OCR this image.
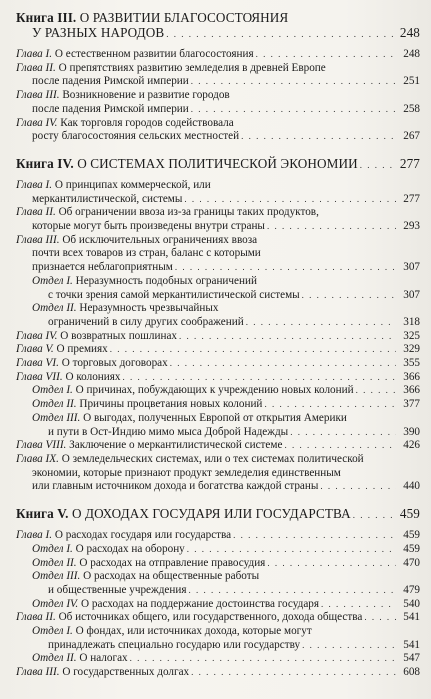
Книга III. О РАЗВИТИИ БЛАГОСОСТОЯНИЯ
У РАЗНЫХ НАРОДОВ . . .	248
Глава I. О естественном развитии благосостояния . . .	248
Глава II. О препятствиях развитию земледелия в древней Европе
после падения Римской империи . . .	251
Глава III. Возникновение и развитие городов
после падения Римской империи . . .	258
Глава IV. Как торговля городов содействовала
росту благосостояния сельских местностей . . .	267
Книга IV. О СИСТЕМАХ ПОЛИТИЧЕСКОЙ ЭКОНОМИИ . . .	277
Глава I. О принципах коммерческой, или
меркантилистической, системы . . .	277
Глава II. Об ограничении ввоза из-за границы таких продуктов,
которые могут быть произведены внутри страны . . .	293
Глава III. Об исключительных ограничениях ввоза
почти всех товаров из стран, баланс с которыми
признается неблагоприятным . . .	307
Отдел I. Неразумность подобных ограничений
с точки зрения самой меркантилистической системы . . .	307
Отдел II. Неразумность чрезвычайных
ограничений в силу других соображений . . .	318
Глава IV. О возвратных пошлинах . . .	325
Глава V. О премиях . . .	329
Глава VI. О торговых договорах . . .	355
Глава VII. О колониях . . .	366
Отдел I. О причинах, побуждающих к учреждению новых колоний . . .	366
Отдел II. Причины процветания новых колоний . . .	377
Отдел III. О выгодах, полученных Европой от открытия Америки
и пути в Ост-Индию мимо мыса Доброй Надежды . . .	390
Глава VIII. Заключение о меркантилистической системе . . .	426
Глава IX. О земледельческих системах, или о тех системах политической
экономии, которые признают продукт земледелия единственным
или главным источником дохода и богатства каждой страны . . .	440
Книга V. О ДОХОДАХ ГОСУДАРЯ ИЛИ ГОСУДАРСТВА . . .	459
Глава I. О расходах государя или государства . . .	459
Отдел I. О расходах на оборону . . .	459
Отдел II. О расходах на отправление правосудия . . .	470
Отдел III. О расходах на общественные работы
и общественные учреждения . . .	479
Отдел IV. О расходах на поддержание достоинства государя . . .	540
Глава II. Об источниках общего, или государственного, дохода общества . . .	541
Отдел I. О фондах, или источниках дохода, которые могут
принадлежать специально государю или государству . . .	541
Отдел II. О налогах . . .	547
Глава III. О государственных долгах . . .	608
